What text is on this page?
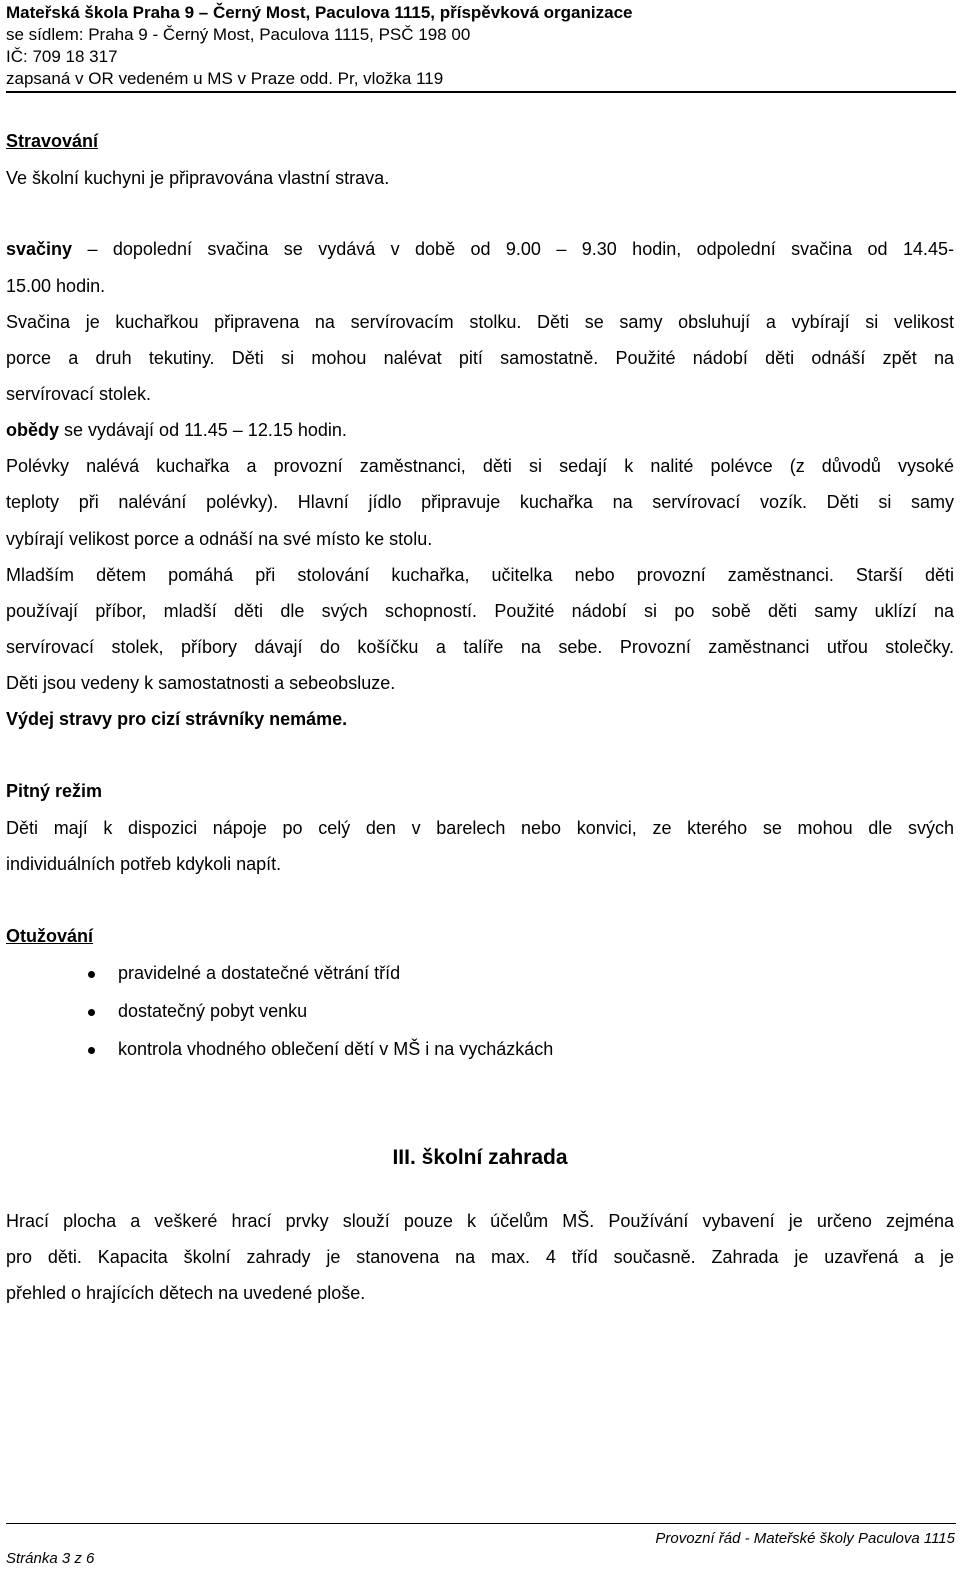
Mateřská škola Praha 9 – Černý Most, Paculova 1115, příspěvková organizace
se sídlem: Praha 9 - Černý Most, Paculova 1115, PSČ 198 00
IČ: 709 18 317
zapsaná v OR vedeném u MS v Praze odd. Pr, vložka 119
Stravování
Ve školní kuchyni je připravována vlastní strava.
svačiny – dopolední svačina se vydává v době od 9.00 – 9.30 hodin, odpolední svačina od 14.45-
15.00 hodin.
Svačina je kuchařkou připravena na servírovacím stolku. Děti se samy obsluhují a vybírají si velikost
porce a druh tekutiny. Děti si mohou nalévat pití samostatně. Použité nádobí děti odnáší zpět na
servírovací stolek.
obědy se vydávají od 11.45 – 12.15 hodin.
Polévky nalévá kuchařka a provozní zaměstnanci, děti si sedají k nalité polévce (z důvodů vysoké
teploty při nalévání polévky). Hlavní jídlo připravuje kuchařka na servírovací vozík. Děti si samy
vybírají velikost porce a odnáší na své místo ke stolu.
Mladším dětem pomáhá při stolování kuchařka, učitelka nebo provozní zaměstnanci. Starší děti
používají příbor, mladší děti dle svých schopností. Použité nádobí si po sobě děti samy uklízí na
servírovací stolek, příbory dávají do košíčku a talíře na sebe. Provozní zaměstnanci utřou stolečky.
Děti jsou vedeny k samostatnosti a sebeobsluze.
Výdej stravy pro cizí strávníky nemáme.
Pitný režim
Děti mají k dispozici nápoje po celý den v barelech nebo konvici, ze kterého se mohou dle svých
individuálních potřeb kdykoli napít.
Otužování
pravidelné a dostatečné větrání tříd
dostatečný pobyt venku
kontrola vhodného oblečení dětí v MŠ i na vycházkách
III. školní zahrada
Hrací plocha a veškeré hrací prvky slouží pouze k účelům MŠ. Používání vybavení je určeno zejména
pro děti. Kapacita školní zahrady je stanovena na max. 4 tříd současně. Zahrada je uzavřená a je
přehled o hrajících dětech na uvedené ploše.
Provozní řád - Mateřské školy Paculova 1115
Stránka 3 z 6
